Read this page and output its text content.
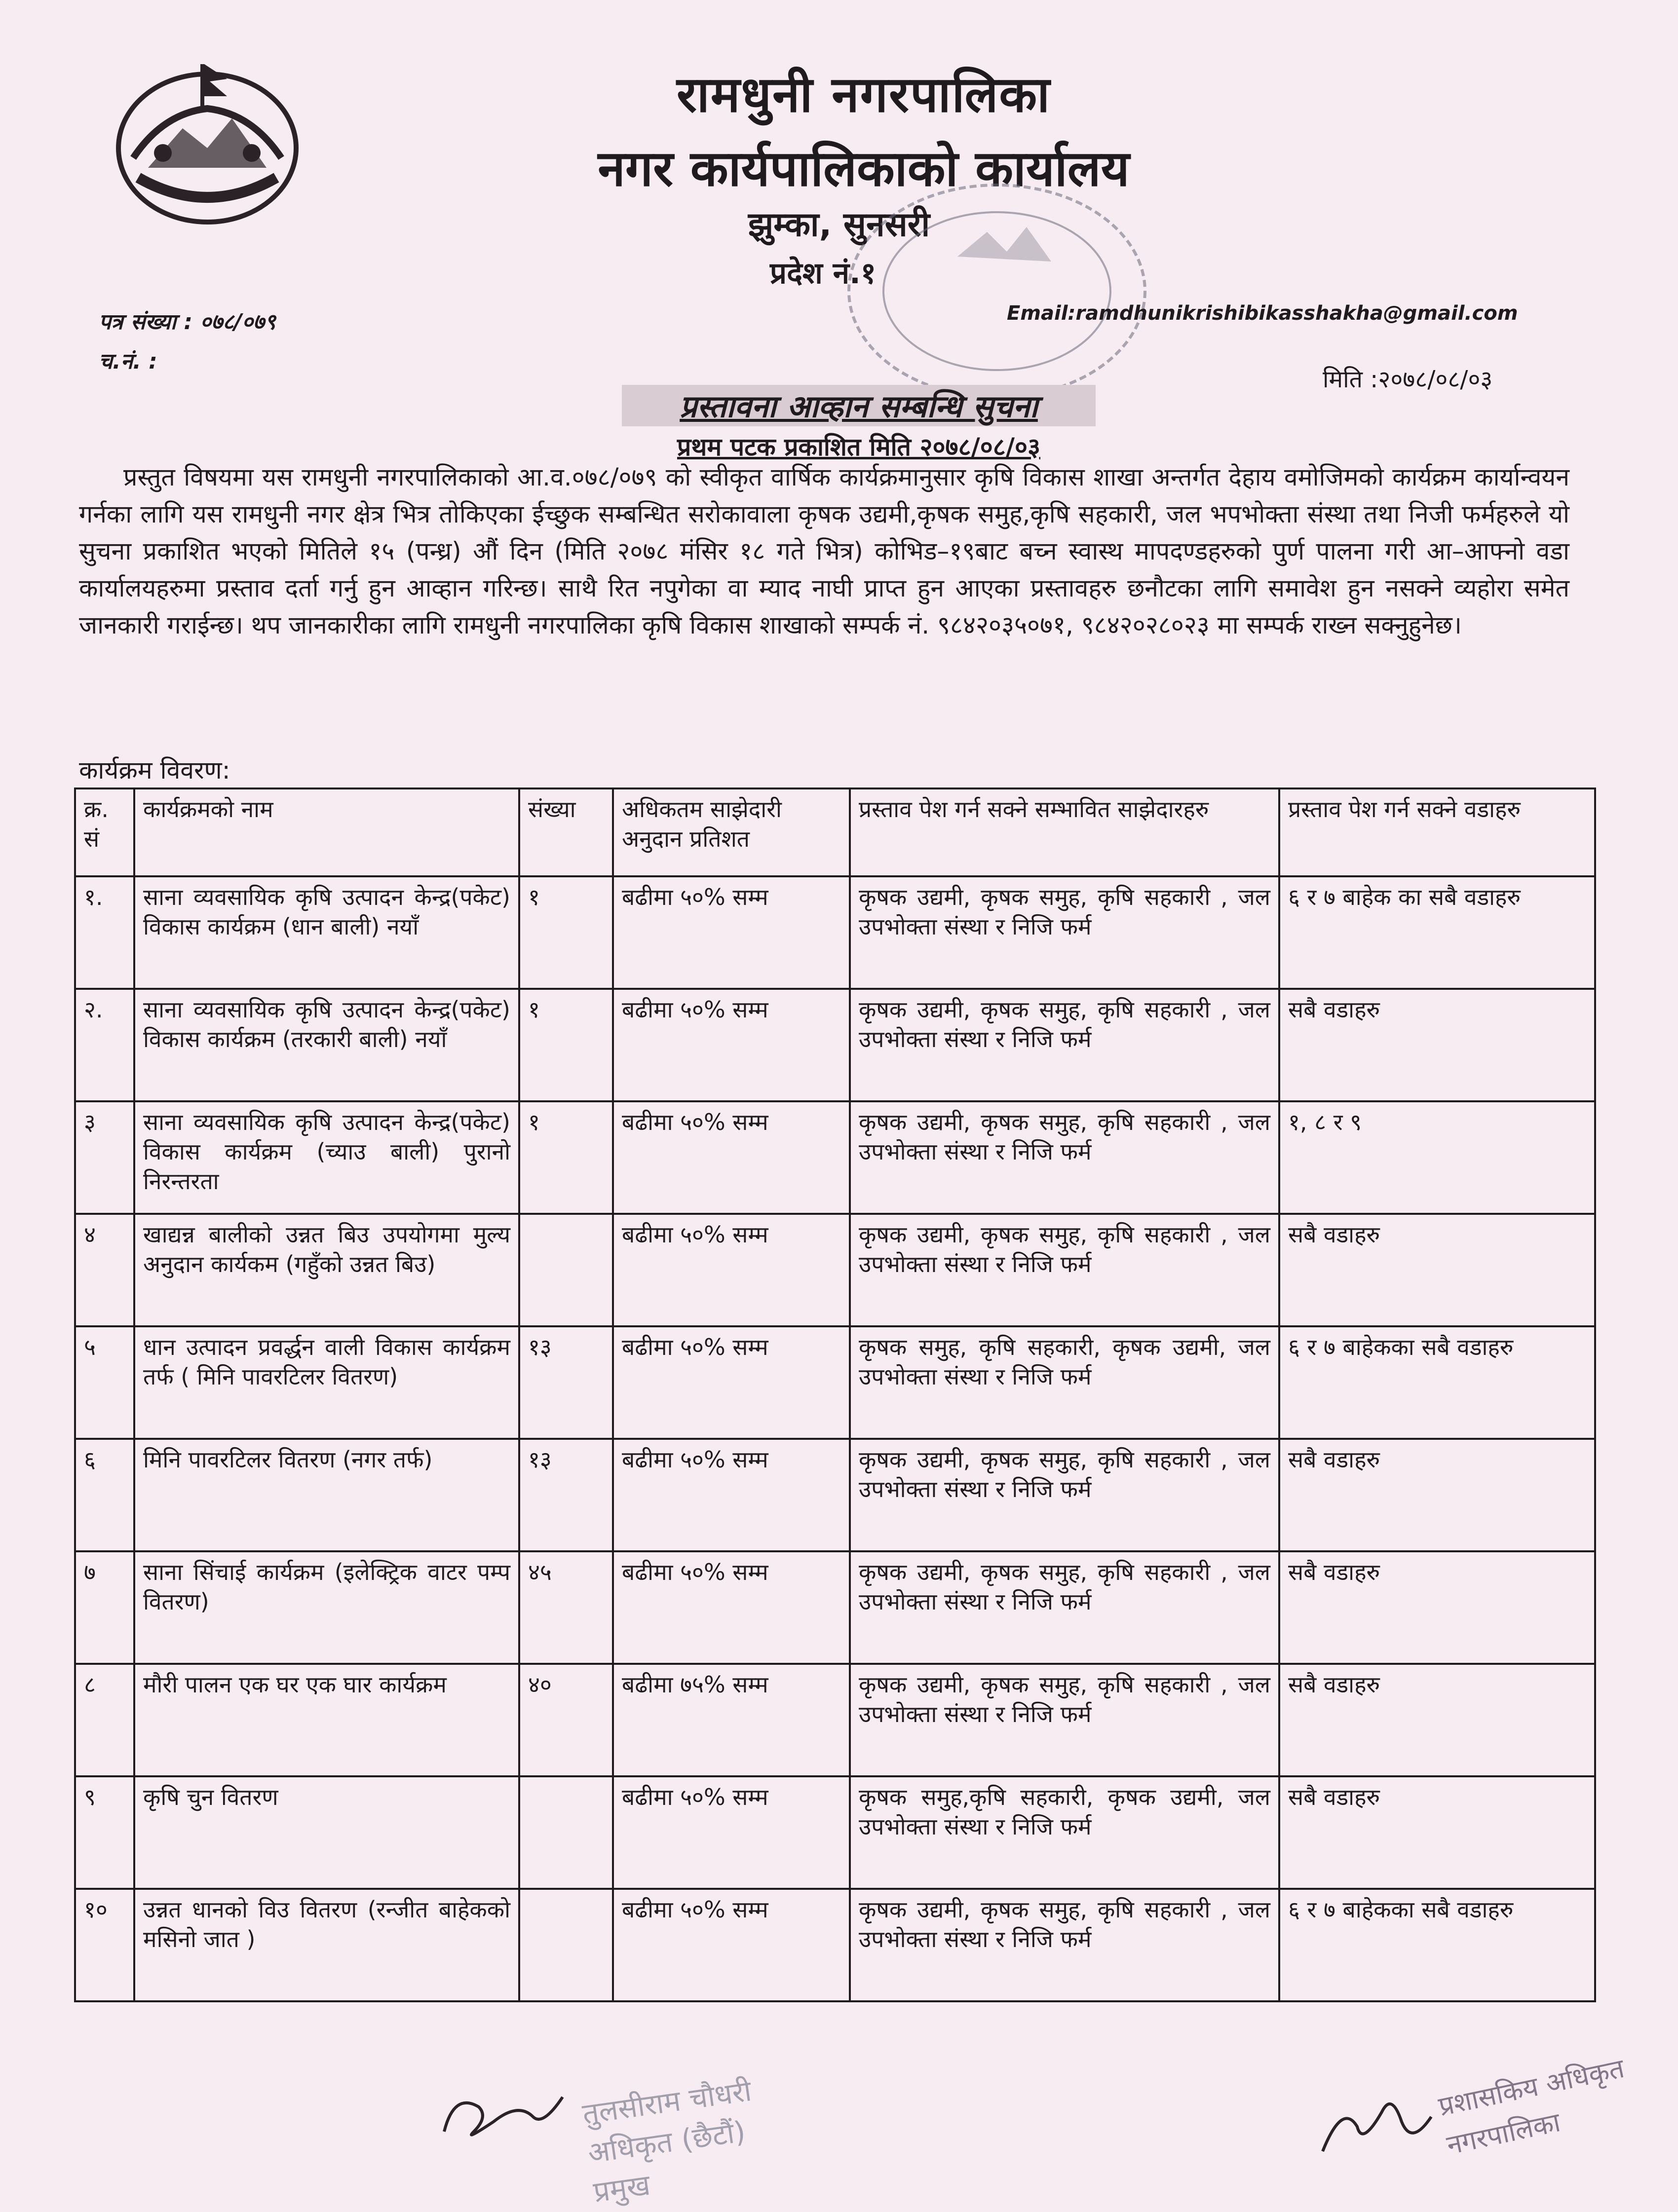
रामधुनी नगरपालिका
नगर कार्यपालिकाको कार्यालय
झुम्का, सुनसरी
प्रदेश नं.१
पत्र संख्या : ०७८/०७९
च.नं. :
Email:ramdhunikrishibikasshakha@gmail.com
मिति :२०७८/०८/०३
प्रस्तावना आव्हान सम्बन्धि सुचना
प्रथम पटक प्रकाशित मिति २०७८/०८/०३
प्रस्तुत विषयमा यस रामधुनी नगरपालिकाको आ.व.०७८/०७९ को स्वीकृत वार्षिक कार्यक्रमानुसार कृषि विकास शाखा अन्तर्गत देहाय वमोजिमको कार्यक्रम कार्यान्वयन गर्नका लागि यस रामधुनी नगर क्षेत्र भित्र तोकिएका ईच्छुक सम्बन्धित सरोकावाला कृषक उद्यमी,कृषक समुह,कृषि सहकारी, जल भपभोक्ता संस्था तथा निजी फर्महरुले यो सुचना प्रकाशित भएको मितिले १५ (पन्ध्र) औं दिन (मिति २०७८ मंसिर १८ गते भित्र) कोभिड–१९बाट बच्न स्वास्थ मापदण्डहरुको पुर्ण पालना गरी आ–आफ्नो वडा कार्यालयहरुमा प्रस्ताव दर्ता गर्नु हुन आव्हान गरिन्छ। साथै रित नपुगेका वा म्याद नाघी प्राप्त हुन आएका प्रस्तावहरु छनौटका लागि समावेश हुन नसक्ने व्यहोरा समेत जानकारी गराईन्छ। थप जानकारीका लागि रामधुनी नगरपालिका कृषि विकास शाखाको सम्पर्क नं. ९८४२०३५०७१, ९८४२०२८०२३ मा सम्पर्क राख्न सक्नुहुनेछ।
कार्यक्रम विवरण:
क्र. सं	कार्यक्रमको नाम	संख्या	अधिकतम साझेदारी अनुदान प्रतिशत	प्रस्ताव पेश गर्न सक्ने सम्भावित साझेदारहरु	प्रस्ताव पेश गर्न सक्ने वडाहरु
१.	साना व्यवसायिक कृषि उत्पादन केन्द्र(पकेट) विकास कार्यक्रम (धान बाली) नयाँ	१	बढीमा ५०% सम्म	कृषक उद्यमी, कृषक समुह, कृषि सहकारी , जल उपभोक्ता संस्था र निजि फर्म	६ र ७ बाहेक का सबै वडाहरु
२.	साना व्यवसायिक कृषि उत्पादन केन्द्र(पकेट) विकास कार्यक्रम (तरकारी बाली) नयाँ	१	बढीमा ५०% सम्म	कृषक उद्यमी, कृषक समुह, कृषि सहकारी , जल उपभोक्ता संस्था र निजि फर्म	सबै वडाहरु
३	साना व्यवसायिक कृषि उत्पादन केन्द्र(पकेट) विकास कार्यक्रम (च्याउ बाली) पुरानो निरन्तरता	१	बढीमा ५०% सम्म	कृषक उद्यमी, कृषक समुह, कृषि सहकारी , जल उपभोक्ता संस्था र निजि फर्म	१, ८ र ९
४	खाद्यन्न बालीको उन्नत बिउ उपयोगमा मुल्य अनुदान कार्यकम (गहुँको उन्नत बिउ)		बढीमा ५०% सम्म	कृषक उद्यमी, कृषक समुह, कृषि सहकारी , जल उपभोक्ता संस्था र निजि फर्म	सबै वडाहरु
५	धान उत्पादन प्रवर्द्धन वाली विकास कार्यक्रम तर्फ ( मिनि पावरटिलर वितरण)	१३	बढीमा ५०% सम्म	कृषक समुह, कृषि सहकारी, कृषक उद्यमी, जल उपभोक्ता संस्था र निजि फर्म	६ र ७ बाहेकका सबै वडाहरु
६	मिनि पावरटिलर वितरण (नगर तर्फ)	१३	बढीमा ५०% सम्म	कृषक उद्यमी, कृषक समुह, कृषि सहकारी , जल उपभोक्ता संस्था र निजि फर्म	सबै वडाहरु
७	साना सिंचाई कार्यक्रम (इलेक्ट्रिक वाटर पम्प वितरण)	४५	बढीमा ५०% सम्म	कृषक उद्यमी, कृषक समुह, कृषि सहकारी , जल उपभोक्ता संस्था र निजि फर्म	सबै वडाहरु
८	मौरी पालन एक घर एक घार कार्यक्रम	४०	बढीमा ७५% सम्म	कृषक उद्यमी, कृषक समुह, कृषि सहकारी , जल उपभोक्ता संस्था र निजि फर्म	सबै वडाहरु
९	कृषि चुन वितरण		बढीमा ५०% सम्म	कृषक समुह,कृषि सहकारी, कृषक उद्यमी, जल उपभोक्ता संस्था र निजि फर्म	सबै वडाहरु
१०	उन्नत धानको विउ वितरण (रन्जीत बाहेकको मसिनो जात )		बढीमा ५०% सम्म	कृषक उद्यमी, कृषक समुह, कृषि सहकारी , जल उपभोक्ता संस्था र निजि फर्म	६ र ७ बाहेकका सबै वडाहरु
तुलसीराम चौधरी
अधिकृत (छैटौं)
प्रमुख
प्रशासकिय अधिकृत
नगरपालिका
